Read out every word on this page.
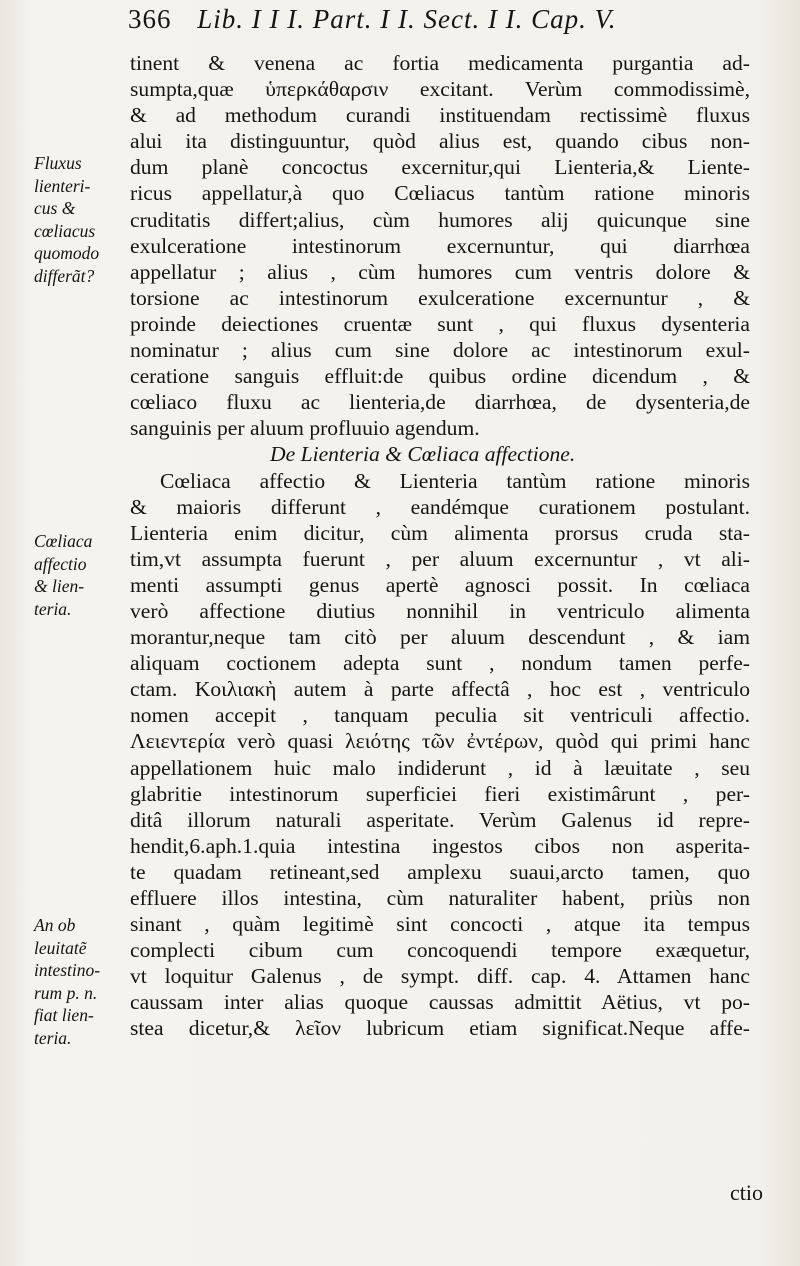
366 Lib. I I I. Part. I I. Sect. I I. Cap. V.
Fluxus
lienteri-
cus &
cœliacus
quomodo
differãt?
Cœliaca
affectio
& lien-
teria.
An ob
leuitatẽ
intestino-
rum p. n.
fiat lien-
teria.
tinent & venena ac fortia medicamenta purgantia ad-
sumpta,quæ ὑπερκάθαρσιν excitant. Verùm commodissimè,
& ad methodum curandi instituendam rectissimè fluxus
alui ita distinguuntur, quòd alius est, quando cibus non-
dum planè concoctus excernitur,qui Lienteria,& Liente-
ricus appellatur,à quo Cœliacus tantùm ratione minoris
cruditatis differt;alius, cùm humores alij quicunque sine
exulceratione intestinorum excernuntur, qui diarrhœa
appellatur ; alius , cùm humores cum ventris dolore &
torsione ac intestinorum exulceratione excernuntur , &
proinde deiectiones cruentæ sunt , qui fluxus dysenteria
nominatur ; alius cum sine dolore ac intestinorum exul-
ceratione sanguis effluit:de quibus ordine dicendum , &
cœliaco fluxu ac lienteria,de diarrhœa, de dysenteria,de
sanguinis per aluum profluuio agendum.
De Lienteria & Cœliaca affectione.
Cœliaca affectio & Lienteria tantùm ratione minoris
& maioris differunt , eandémque curationem postulant.
Lienteria enim dicitur, cùm alimenta prorsus cruda sta-
tim,vt assumpta fuerunt , per aluum excernuntur , vt ali-
menti assumpti genus apertè agnosci possit. In cœliaca
verò affectione diutius nonnihil in ventriculo alimenta
morantur,neque tam citò per aluum descendunt , & iam
aliquam coctionem adepta sunt , nondum tamen perfe-
ctam. Κοιλιακὴ autem à parte affectâ , hoc est , ventriculo
nomen accepit , tanquam peculia sit ventriculi affectio.
Λειεντερία verò quasi λειότης τῶν ἐντέρων, quòd qui primi hanc
appellationem huic malo indiderunt , id à læuitate , seu
glabritie intestinorum superficiei fieri existimârunt , per-
ditâ illorum naturali asperitate. Verùm Galenus id repre-
hendit,6.aph.1.quia intestina ingestos cibos non asperita-
te quadam retineant,sed amplexu suaui,arcto tamen, quo
effluere illos intestina, cùm naturaliter habent, priùs non
sinant , quàm legitimè sint concocti , atque ita tempus
complecti cibum cum concoquendi tempore exæquetur,
vt loquitur Galenus , de sympt. diff. cap. 4. Attamen hanc
caussam inter alias quoque caussas admittit Aëtius, vt po-
stea dicetur,& λεῖον lubricum etiam significat.Neque affe-
ctio
